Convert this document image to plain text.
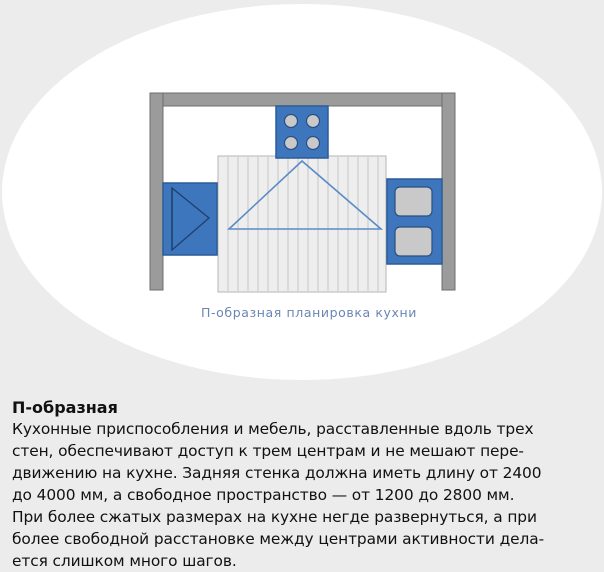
П-образная планировка кухни
П-образная
Кухонные приспособления и мебель, расставленные вдоль трех
стен, обеспечивают доступ к трем центрам и не мешают пере-
движению на кухне. Задняя стенка должна иметь длину от 2400
до 4000 мм, а свободное пространство — от 1200 до 2800 мм.
При более сжатых размерах на кухне негде развернуться, а при
более свободной расстановке между центрами активности дела-
ется слишком много шагов.
